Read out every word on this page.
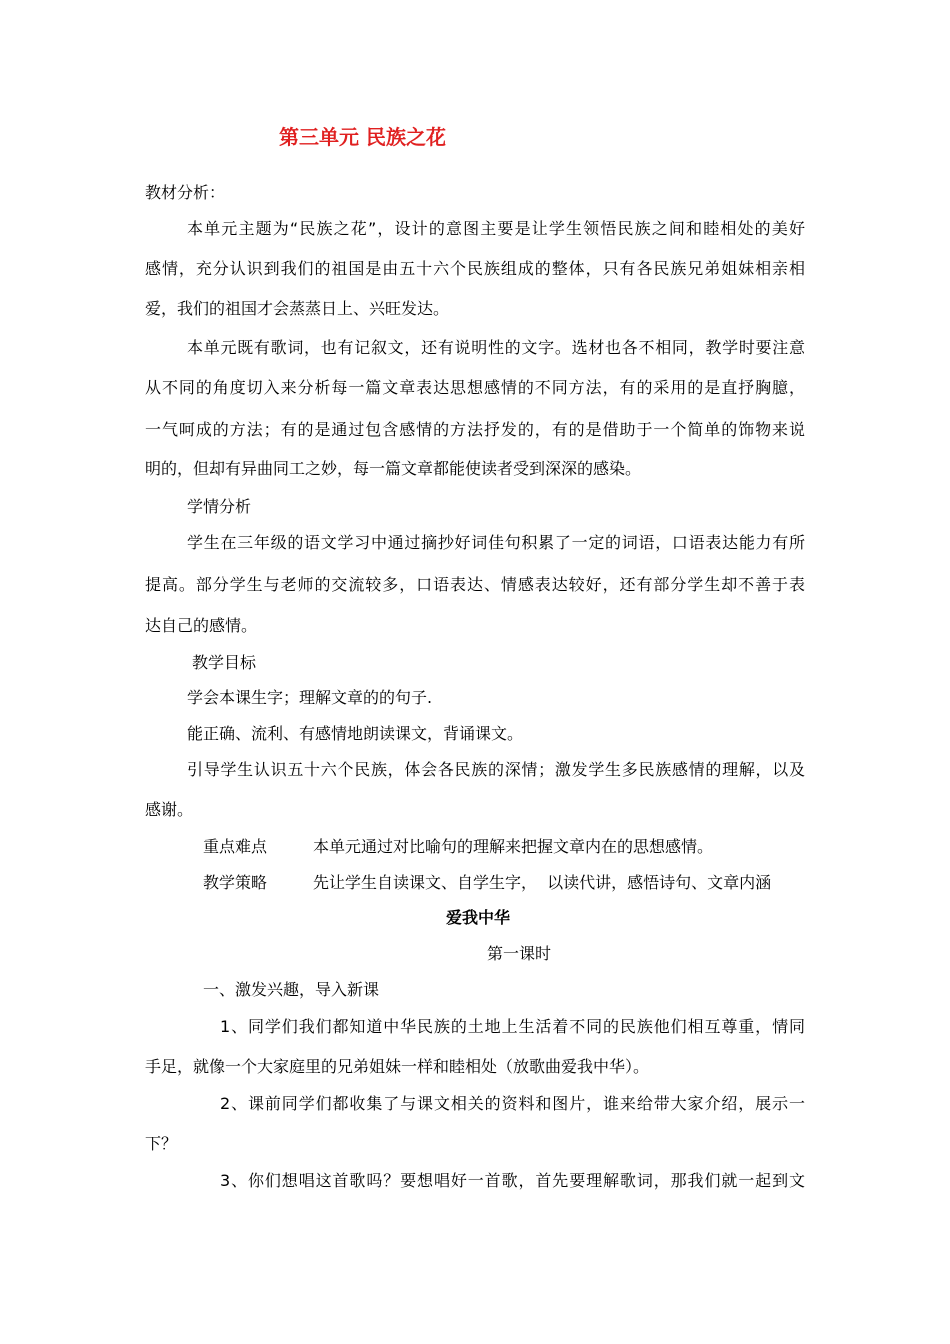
第三单元 民族之花
教材分析：
本单元主题为“民族之花”，设计的意图主要是让学生领悟民族之间和睦相处的美好
感情，充分认识到我们的祖国是由五十六个民族组成的整体，只有各民族兄弟姐妹相亲相
爱，我们的祖国才会蒸蒸日上、兴旺发达。
本单元既有歌词，也有记叙文，还有说明性的文字。选材也各不相同，教学时要注意
从不同的角度切入来分析每一篇文章表达思想感情的不同方法，有的采用的是直抒胸臆，
一气呵成的方法；有的是通过包含感情的方法抒发的，有的是借助于一个简单的饰物来说
明的，但却有异曲同工之妙，每一篇文章都能使读者受到深深的感染。
学情分析
学生在三年级的语文学习中通过摘抄好词佳句积累了一定的词语，口语表达能力有所
提高。部分学生与老师的交流较多，口语表达、情感表达较好，还有部分学生却不善于表
达自己的感情。
教学目标
学会本课生字；理解文章的的句子.
能正确、流利、有感情地朗读课文，背诵课文。
引导学生认识五十六个民族，体会各民族的深情；激发学生多民族感情的理解，以及
感谢。
重点难点	本单元通过对比喻句的理解来把握文章内在的思想感情。
教学策略	先让学生自读课文、自学生字，  以读代讲，感悟诗句、文章内涵
爱我中华
第一课时
一、激发兴趣，导入新课
1、同学们我们都知道中华民族的土地上生活着不同的民族他们相互尊重，情同
手足，就像一个大家庭里的兄弟姐妹一样和睦相处（放歌曲爱我中华）。
2、课前同学们都收集了与课文相关的资料和图片，谁来给带大家介绍，展示一
下？
3、你们想唱这首歌吗？要想唱好一首歌，首先要理解歌词，那我们就一起到文
